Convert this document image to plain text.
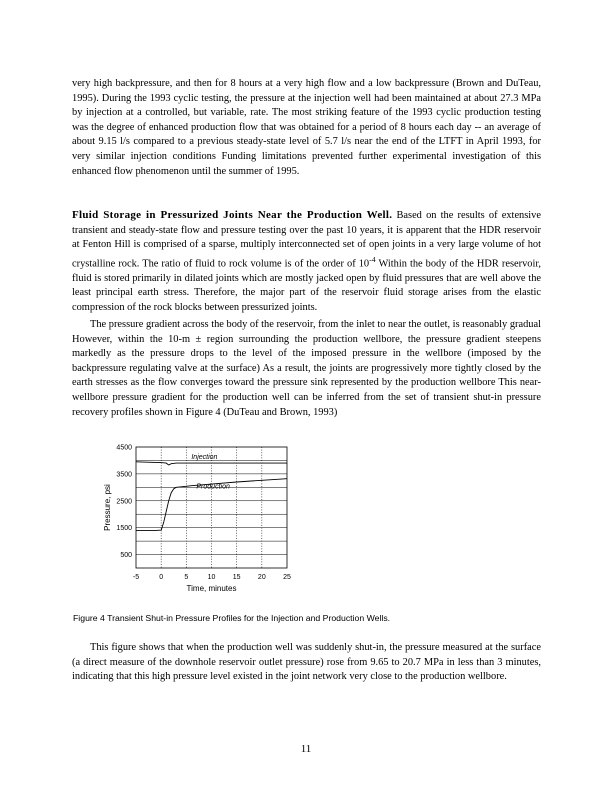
very high backpressure, and then for 8 hours at a very high flow and a low backpressure (Brown and DuTeau, 1995). During the 1993 cyclic testing, the pressure at the injection well had been maintained at about 27.3 MPa by injection at a controlled, but variable, rate. The most striking feature of the 1993 cyclic production testing was the degree of enhanced production flow that was obtained for a period of 8 hours each day -- an average of about 9.15 l/s compared to a previous steady-state level of 5.7 l/s near the end of the LTFT in April 1993, for very similar injection conditions Funding limitations prevented further experimental investigation of this enhanced flow phenomenon until the summer of 1995.

Fluid Storage in Pressurized Joints Near the Production Well. Based on the results of extensive transient and steady-state flow and pressure testing over the past 10 years, it is apparent that the HDR reservoir at Fenton Hill is comprised of a sparse, multiply interconnected set of open joints in a very large volume of hot crystalline rock. The ratio of fluid to rock volume is of the order of $10^{-4}$ Within the body of the HDR reservoir, fluid is stored primarily in dilated joints which are mostly jacked open by fluid pressures that are well above the least principal earth stress. Therefore, the major part of the reservoir fluid storage arises from the elastic compression of the rock blocks between pressurized joints.

The pressure gradient across the body of the reservoir, from the inlet to near the outlet, is reasonably gradual However, within the 10-m ± region surrounding the production wellbore, the pressure gradient steepens markedly as the pressure drops to the level of the imposed pressure in the wellbore (imposed by the backpressure regulating valve at the surface) As a result, the joints are progressively more tightly closed by the earth stresses as the flow converges toward the pressure sink represented by the production wellbore This near-wellbore pressure gradient for the production well can be inferred from the set of transient shut-in pressure recovery profiles shown in Figure 4 (DuTeau and Brown, 1993)

-5	0	5	10 15 20 25
500
1500
2500
3500
4500
Time, minutes
Pressure, psi
Injection
Production
Figure 4 Transient Shut-in Pressure Profiles for the Injection and Production Wells.

This figure shows that when the production well was suddenly shut-in, the pressure measured at the surface (a direct measure of the downhole reservoir outlet pressure) rose from 9.65 to 20.7 MPa in less than 3 minutes, indicating that this high pressure level existed in the joint network very close to the production wellbore.

11
